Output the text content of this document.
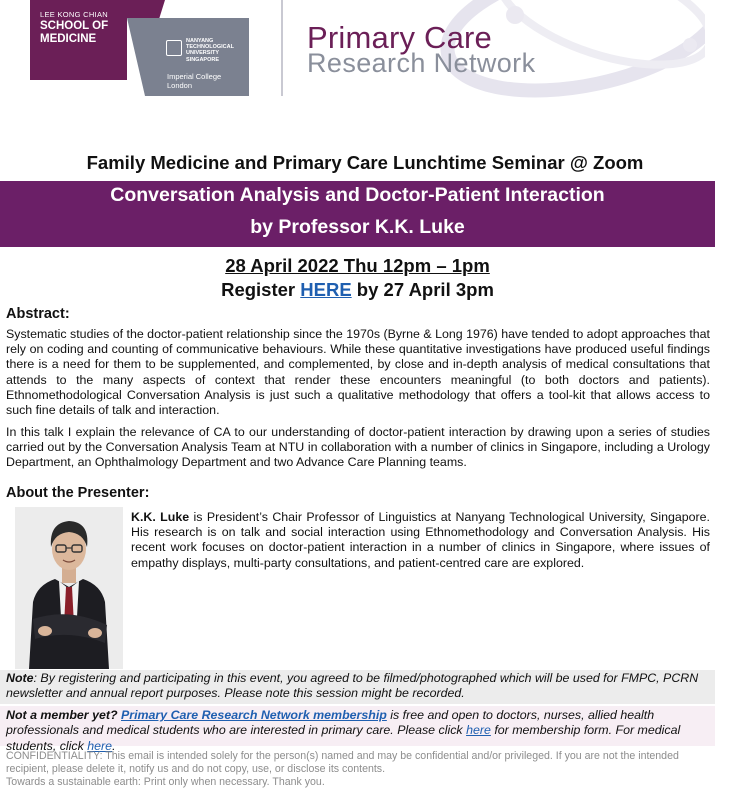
LEE KONG CHIAN
SCHOOL OF
MEDICINE	NANYANG
TECHNOLOGICAL
UNIVERSITY
SINGAPORE
Imperial College
London
Primary Care
Research Network
Family Medicine and Primary Care Lunchtime Seminar @ Zoom
Conversation Analysis and Doctor-Patient Interaction
by Professor K.K. Luke
28 April 2022 Thu 12pm – 1pm
Register HERE by 27 April 3pm
Abstract:
Systematic studies of the doctor-patient relationship since the 1970s (Byrne & Long 1976) have tended to adopt approaches that rely on coding and counting of communicative behaviours. While these quantitative investigations have produced useful findings there is a need for them to be supplemented, and complemented, by close and in-depth analysis of medical consultations that attends to the many aspects of context that render these encounters meaningful (to both doctors and patients). Ethnomethodological Conversation Analysis is just such a qualitative methodology that offers a tool-kit that allows access to such fine details of talk and interaction.
In this talk I explain the relevance of CA to our understanding of doctor-patient interaction by drawing upon a series of studies carried out by the Conversation Analysis Team at NTU in collaboration with a number of clinics in Singapore, including a Urology Department, an Ophthalmology Department and two Advance Care Planning teams.
About the Presenter:
K.K. Luke is President’s Chair Professor of Linguistics at Nanyang Technological University, Singapore. His research is on talk and social interaction using Ethnomethodology and Conversation Analysis. His recent work focuses on doctor-patient interaction in a number of clinics in Singapore, where issues of empathy displays, multi-party consultations, and patient-centred care are explored.
Note: By registering and participating in this event, you agreed to be filmed/photographed which will be used for FMPC, PCRN newsletter and annual report purposes. Please note this session might be recorded.
Not a member yet? Primary Care Research Network membership is free and open to doctors, nurses, allied health professionals and medical students who are interested in primary care. Please click here for membership form. For medical students, click here.
CONFIDENTIALITY: This email is intended solely for the person(s) named and may be confidential and/or privileged. If you are not the intended recipient, please delete it, notify us and do not copy, use, or disclose its contents.
Towards a sustainable earth: Print only when necessary. Thank you.
